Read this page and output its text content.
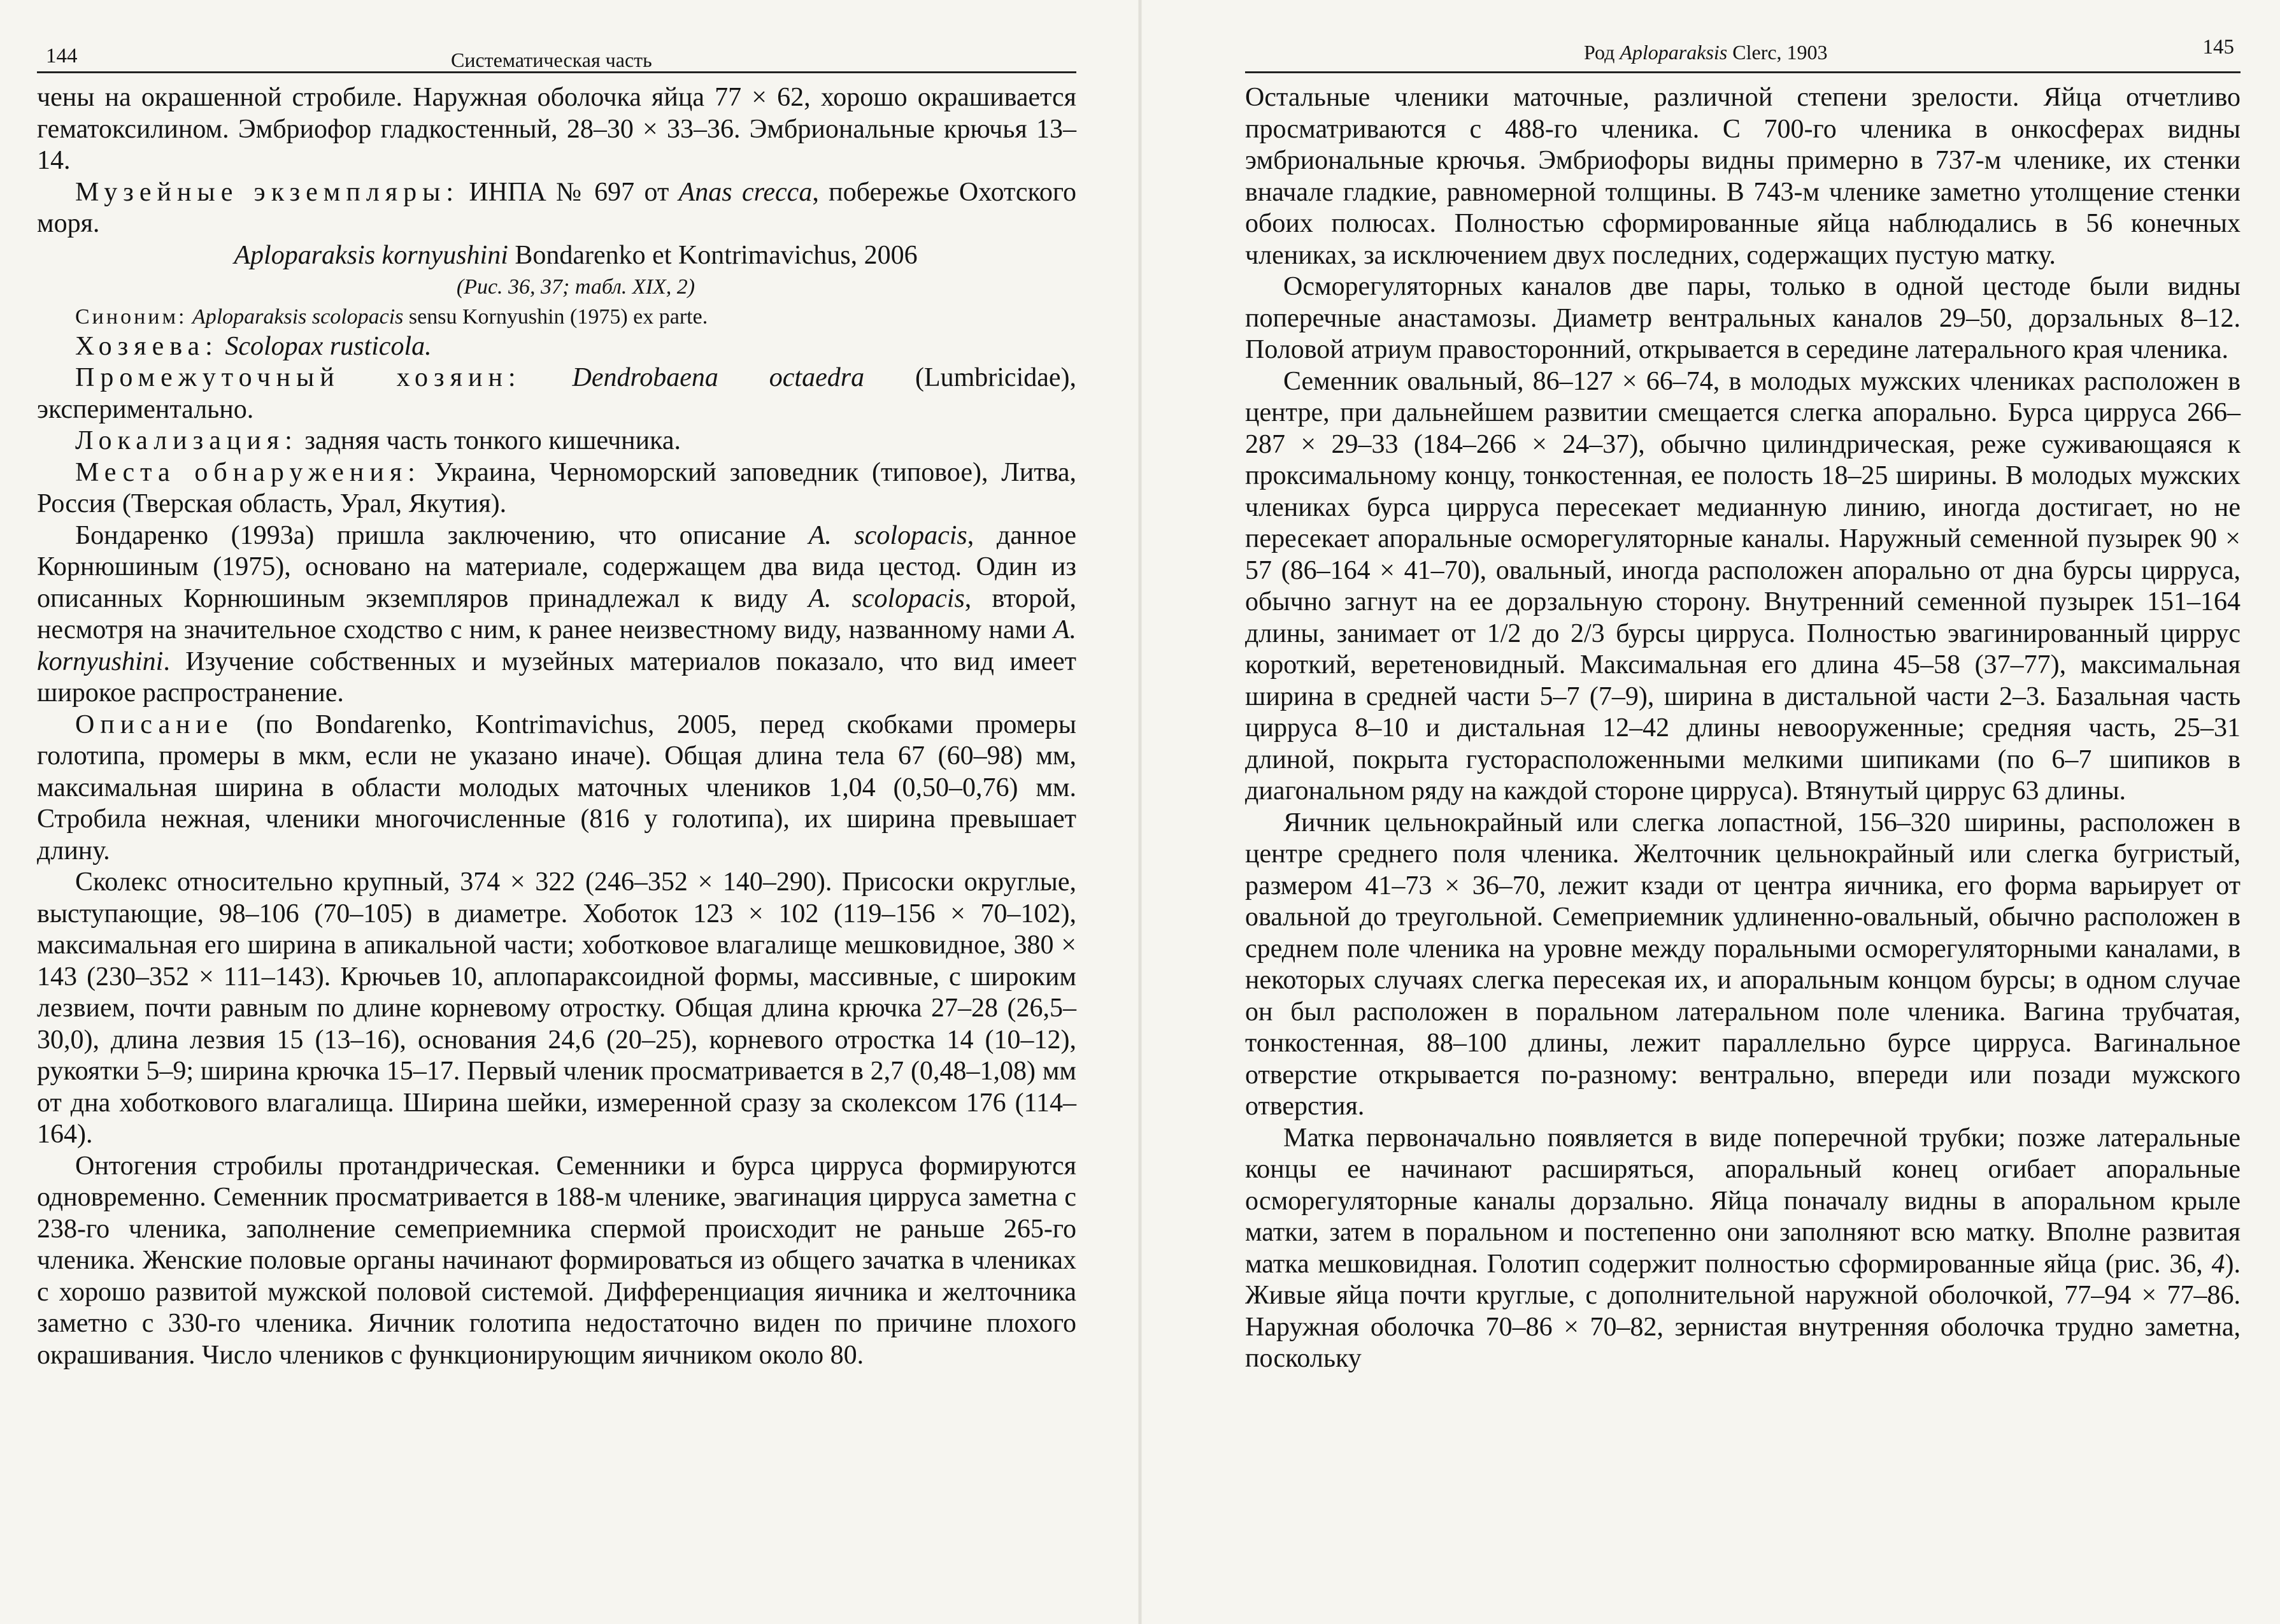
144	Систематическая часть

чены на окрашенной стробиле. Наружная оболочка яйца 77 × 62, хорошо окрашивается гематоксилином. Эмбриофор гладкостенный, 28–30 × 33–36. Эмбриональные крючья 13–14.

Музейные экземпляры: ИНПА № 697 от Anas crecca, побережье Охотского моря.

Aploparaksis kornyushini Bondarenko et Kontrimavichus, 2006

(Рис. 36, 37; табл. XIX, 2)

Синоним: Aploparaksis scolopacis sensu Kornyushin (1975) ex parte.

Хозяева: Scolopax rusticola.

Промежуточный хозяин: Dendrobaena octaedra (Lumbricidae), экспериментально.

Локализация: задняя часть тонкого кишечника.

Места обнаружения: Украина, Черноморский заповедник (типовое), Литва, Россия (Тверская область, Урал, Якутия).

Бондаренко (1993а) пришла заключению, что описание A. scolopacis, данное Корнюшиным (1975), основано на материале, содержащем два вида цестод. Один из описанных Корнюшиным экземпляров принадлежал к виду A. scolopacis, второй, несмотря на значительное сходство с ним, к ранее неизвестному виду, названному нами A. kornyushini. Изучение собственных и музейных материалов показало, что вид имеет широкое распространение.

Описание (по Bondarenko, Kontrimavichus, 2005, перед скобками промеры голотипа, промеры в мкм, если не указано иначе). Общая длина тела 67 (60–98) мм, максимальная ширина в области молодых маточных члеников 1,04 (0,50–0,76) мм. Стробила нежная, членики многочисленные (816 у голотипа), их ширина превышает длину.

Сколекс относительно крупный, 374 × 322 (246–352 × 140–290). Присоски округлые, выступающие, 98–106 (70–105) в диаметре. Хоботок 123 × 102 (119–156 × 70–102), максимальная его ширина в апикальной части; хоботковое влагалище мешковидное, 380 × 143 (230–352 × 111–143). Крючьев 10, аплопараксоидной формы, массивные, с широким лезвием, почти равным по длине корневому отростку. Общая длина крючка 27–28 (26,5–30,0), длина лезвия 15 (13–16), основания 24,6 (20–25), корневого отростка 14 (10–12), рукоятки 5–9; ширина крючка 15–17. Первый членик просматривается в 2,7 (0,48–1,08) мм от дна хоботкового влагалища. Ширина шейки, измеренной сразу за сколексом 176 (114–164).

Онтогения стробилы протандрическая. Семенники и бурса цирруса формируются одновременно. Семенник просматривается в 188-м членике, эвагинация цирруса заметна с 238-го членика, заполнение семеприемника спермой происходит не раньше 265-го членика. Женские половые органы начинают формироваться из общего зачатка в члениках с хорошо развитой мужской половой системой. Дифференциация яичника и желточника заметно с 330-го членика. Яичник голотипа недостаточно виден по причине плохого окрашивания. Число члеников с функционирующим яичником около 80.

Род Aploparaksis Clerc, 1903	145

Остальные членики маточные, различной степени зрелости. Яйца отчетливо просматриваются с 488-го членика. С 700-го членика в онкосферах видны эмбриональные крючья. Эмбриофоры видны примерно в 737-м членике, их стенки вначале гладкие, равномерной толщины. В 743-м членике заметно утолщение стенки обоих полюсах. Полностью сформированные яйца наблюдались в 56 конечных члениках, за исключением двух последних, содержащих пустую матку.

Осморегуляторных каналов две пары, только в одной цестоде были видны поперечные анастамозы. Диаметр вентральных каналов 29–50, дорзальных 8–12. Половой атриум правосторонний, открывается в середине латерального края членика.

Семенник овальный, 86–127 × 66–74, в молодых мужских члениках расположен в центре, при дальнейшем развитии смещается слегка апорально. Бурса цирруса 266–287 × 29–33 (184–266 × 24–37), обычно цилиндрическая, реже суживающаяся к проксимальному концу, тонкостенная, ее полость 18–25 ширины. В молодых мужских члениках бурса цирруса пересекает медианную линию, иногда достигает, но не пересекает апоральные осморегуляторные каналы. Наружный семенной пузырек 90 × 57 (86–164 × 41–70), овальный, иногда расположен апорально от дна бурсы цирруса, обычно загнут на ее дорзальную сторону. Внутренний семенной пузырек 151–164 длины, занимает от 1/2 до 2/3 бурсы цирруса. Полностью эвагинированный циррус короткий, веретеновидный. Максимальная его длина 45–58 (37–77), максимальная ширина в средней части 5–7 (7–9), ширина в дистальной части 2–3. Базальная часть цирруса 8–10 и дистальная 12–42 длины невооруженные; средняя часть, 25–31 длиной, покрыта густорасположенными мелкими шипиками (по 6–7 шипиков в диагональном ряду на каждой стороне цирруса). Втянутый циррус 63 длины.

Яичник цельнокрайный или слегка лопастной, 156–320 ширины, расположен в центре среднего поля членика. Желточник цельнокрайный или слегка бугристый, размером 41–73 × 36–70, лежит кзади от центра яичника, его форма варьирует от овальной до треугольной. Семеприемник удлиненно-овальный, обычно расположен в среднем поле членика на уровне между поральными осморегуляторными каналами, в некоторых случаях слегка пересекая их, и апоральным концом бурсы; в одном случае он был расположен в поральном латеральном поле членика. Вагина трубчатая, тонкостенная, 88–100 длины, лежит параллельно бурсе цирруса. Вагинальное отверстие открывается по-разному: вентрально, впереди или позади мужского отверстия.

Матка первоначально появляется в виде поперечной трубки; позже латеральные концы ее начинают расширяться, апоральный конец огибает апоральные осморегуляторные каналы дорзально. Яйца поначалу видны в апоральном крыле матки, затем в поральном и постепенно они заполняют всю матку. Вполне развитая матка мешковидная. Голотип содержит полностью сформированные яйца (рис. 36, 4). Живые яйца почти круглые, с дополнительной наружной оболочкой, 77–94 × 77–86. Наружная оболочка 70–86 × 70–82, зернистая внутренняя оболочка трудно заметна, поскольку
